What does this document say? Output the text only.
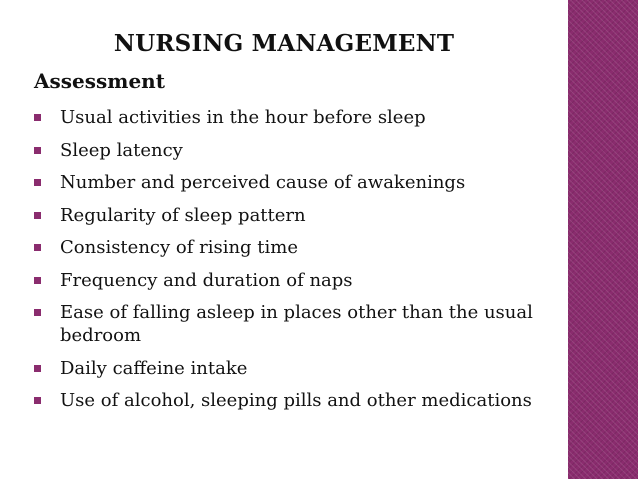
NURSING MANAGEMENT
Assessment
Usual activities in the hour before sleep
Sleep latency
Number and perceived cause of awakenings
Regularity of sleep pattern
Consistency of rising time
Frequency and duration of naps
Ease of falling asleep in places other than the usual bedroom
Daily caffeine intake
Use of alcohol, sleeping pills and other medications
